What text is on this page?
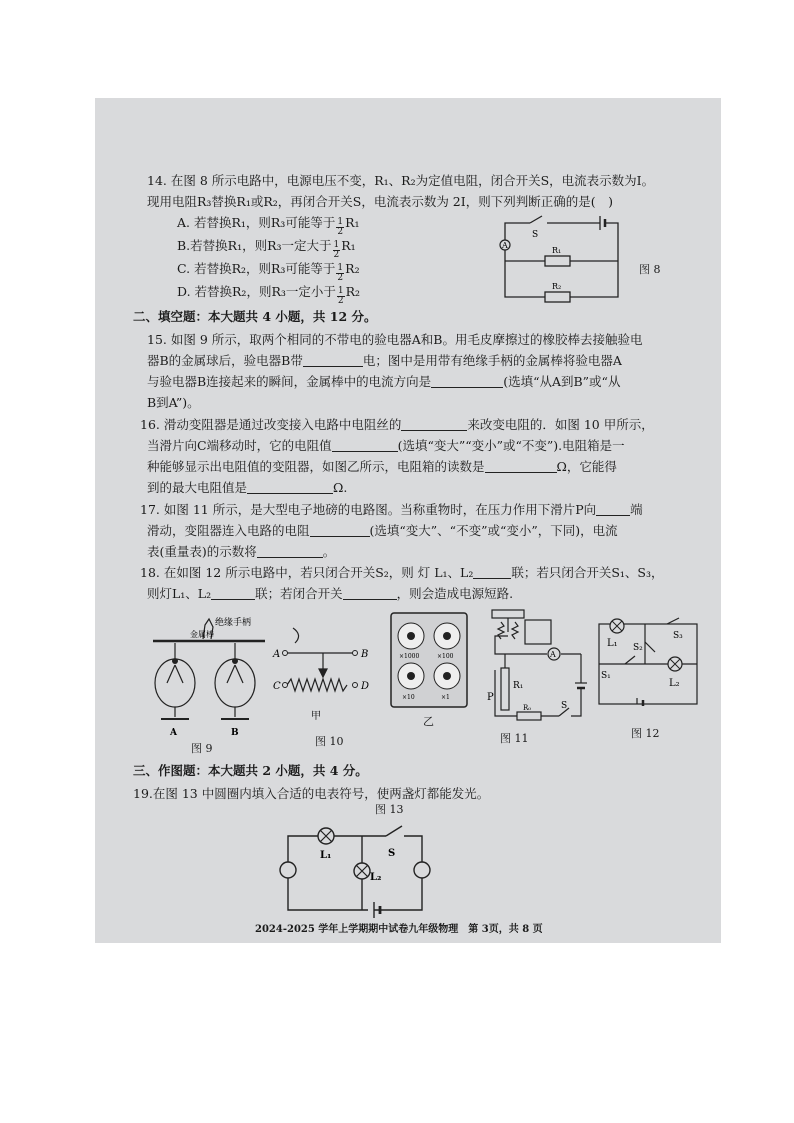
14. 在图 8 所示电路中，电源电压不变，R₁、R₂为定值电阻，闭合开关S，电流表示数为I。
现用电阻R₃替换R₁或R₂，再闭合开关S，电流表示数为 2I，则下列判断正确的是(　)
A. 若替换R₁，则R₃可能等于 $\frac{1}{2} R_1$
B.若替换R₁，则R₃一定大于 $\frac{1}{2} R_1$
C. 若替换R₂，则R₃可能等于 $\frac{1}{2} R_2$
D. 若替换R₂，则R₃一定小于 $\frac{1}{2} R_2$
A
S
R₁
R₂
图 8
二、填空题：本大题共 4 小题，共 12 分。
15. 如图 9 所示，取两个相同的不带电的验电器A和B。用毛皮摩擦过的橡胶棒去接触验电
器B的金属球后，验电器B带	电；图中是用带有绝缘手柄的金属棒将验电器A
与验电器B连接起来的瞬间，金属棒中的电流方向是	(选填“从A到B”或“从
B到A”)。
16. 滑动变阻器是通过改变接入电路中电阻丝的	来改变电阻的．如图 10 甲所示，
当滑片向C端移动时，它的电阻值	(选填“变大”“变小”或“不变”).电阻箱是一
种能够显示出电阻值的变阻器，如图乙所示，电阻箱的读数是	Ω，它能得
到的最大电阻值是	Ω.
17. 如图 11 所示，是大型电子地磅的电路图。当称重物时，在压力作用下滑片P向	端
滑动，变阻器连入电路的电阻	(选填“变大”、“不变”或“变小”，下同)，电流
表(重量表)的示数将	。
18. 在如图 12 所示电路中，若只闭合开关S₂，则 灯 L₁、L₂	联；若只闭合开关S₁、S₃，
则灯L₁、L₂	联；若闭合开关	，则会造成电源短路.
绝缘手柄
金属棒
A	B
图 9
A	B
C	D
甲
×1000	×100
×10	×1
乙
图 10
A
R₁
P
R₀	S
图 11
L₁ S₂
S₃
S₁
L₂
图 12
三、作图题：本大题共 2 小题，共 4 分。
19.在图 13 中圆圈内填入合适的电表符号，使两盏灯都能发光。
图 13
L₁
L₂
S
2024-2025 学年上学期期中试卷九年级物理　第 3页，共 8 页
